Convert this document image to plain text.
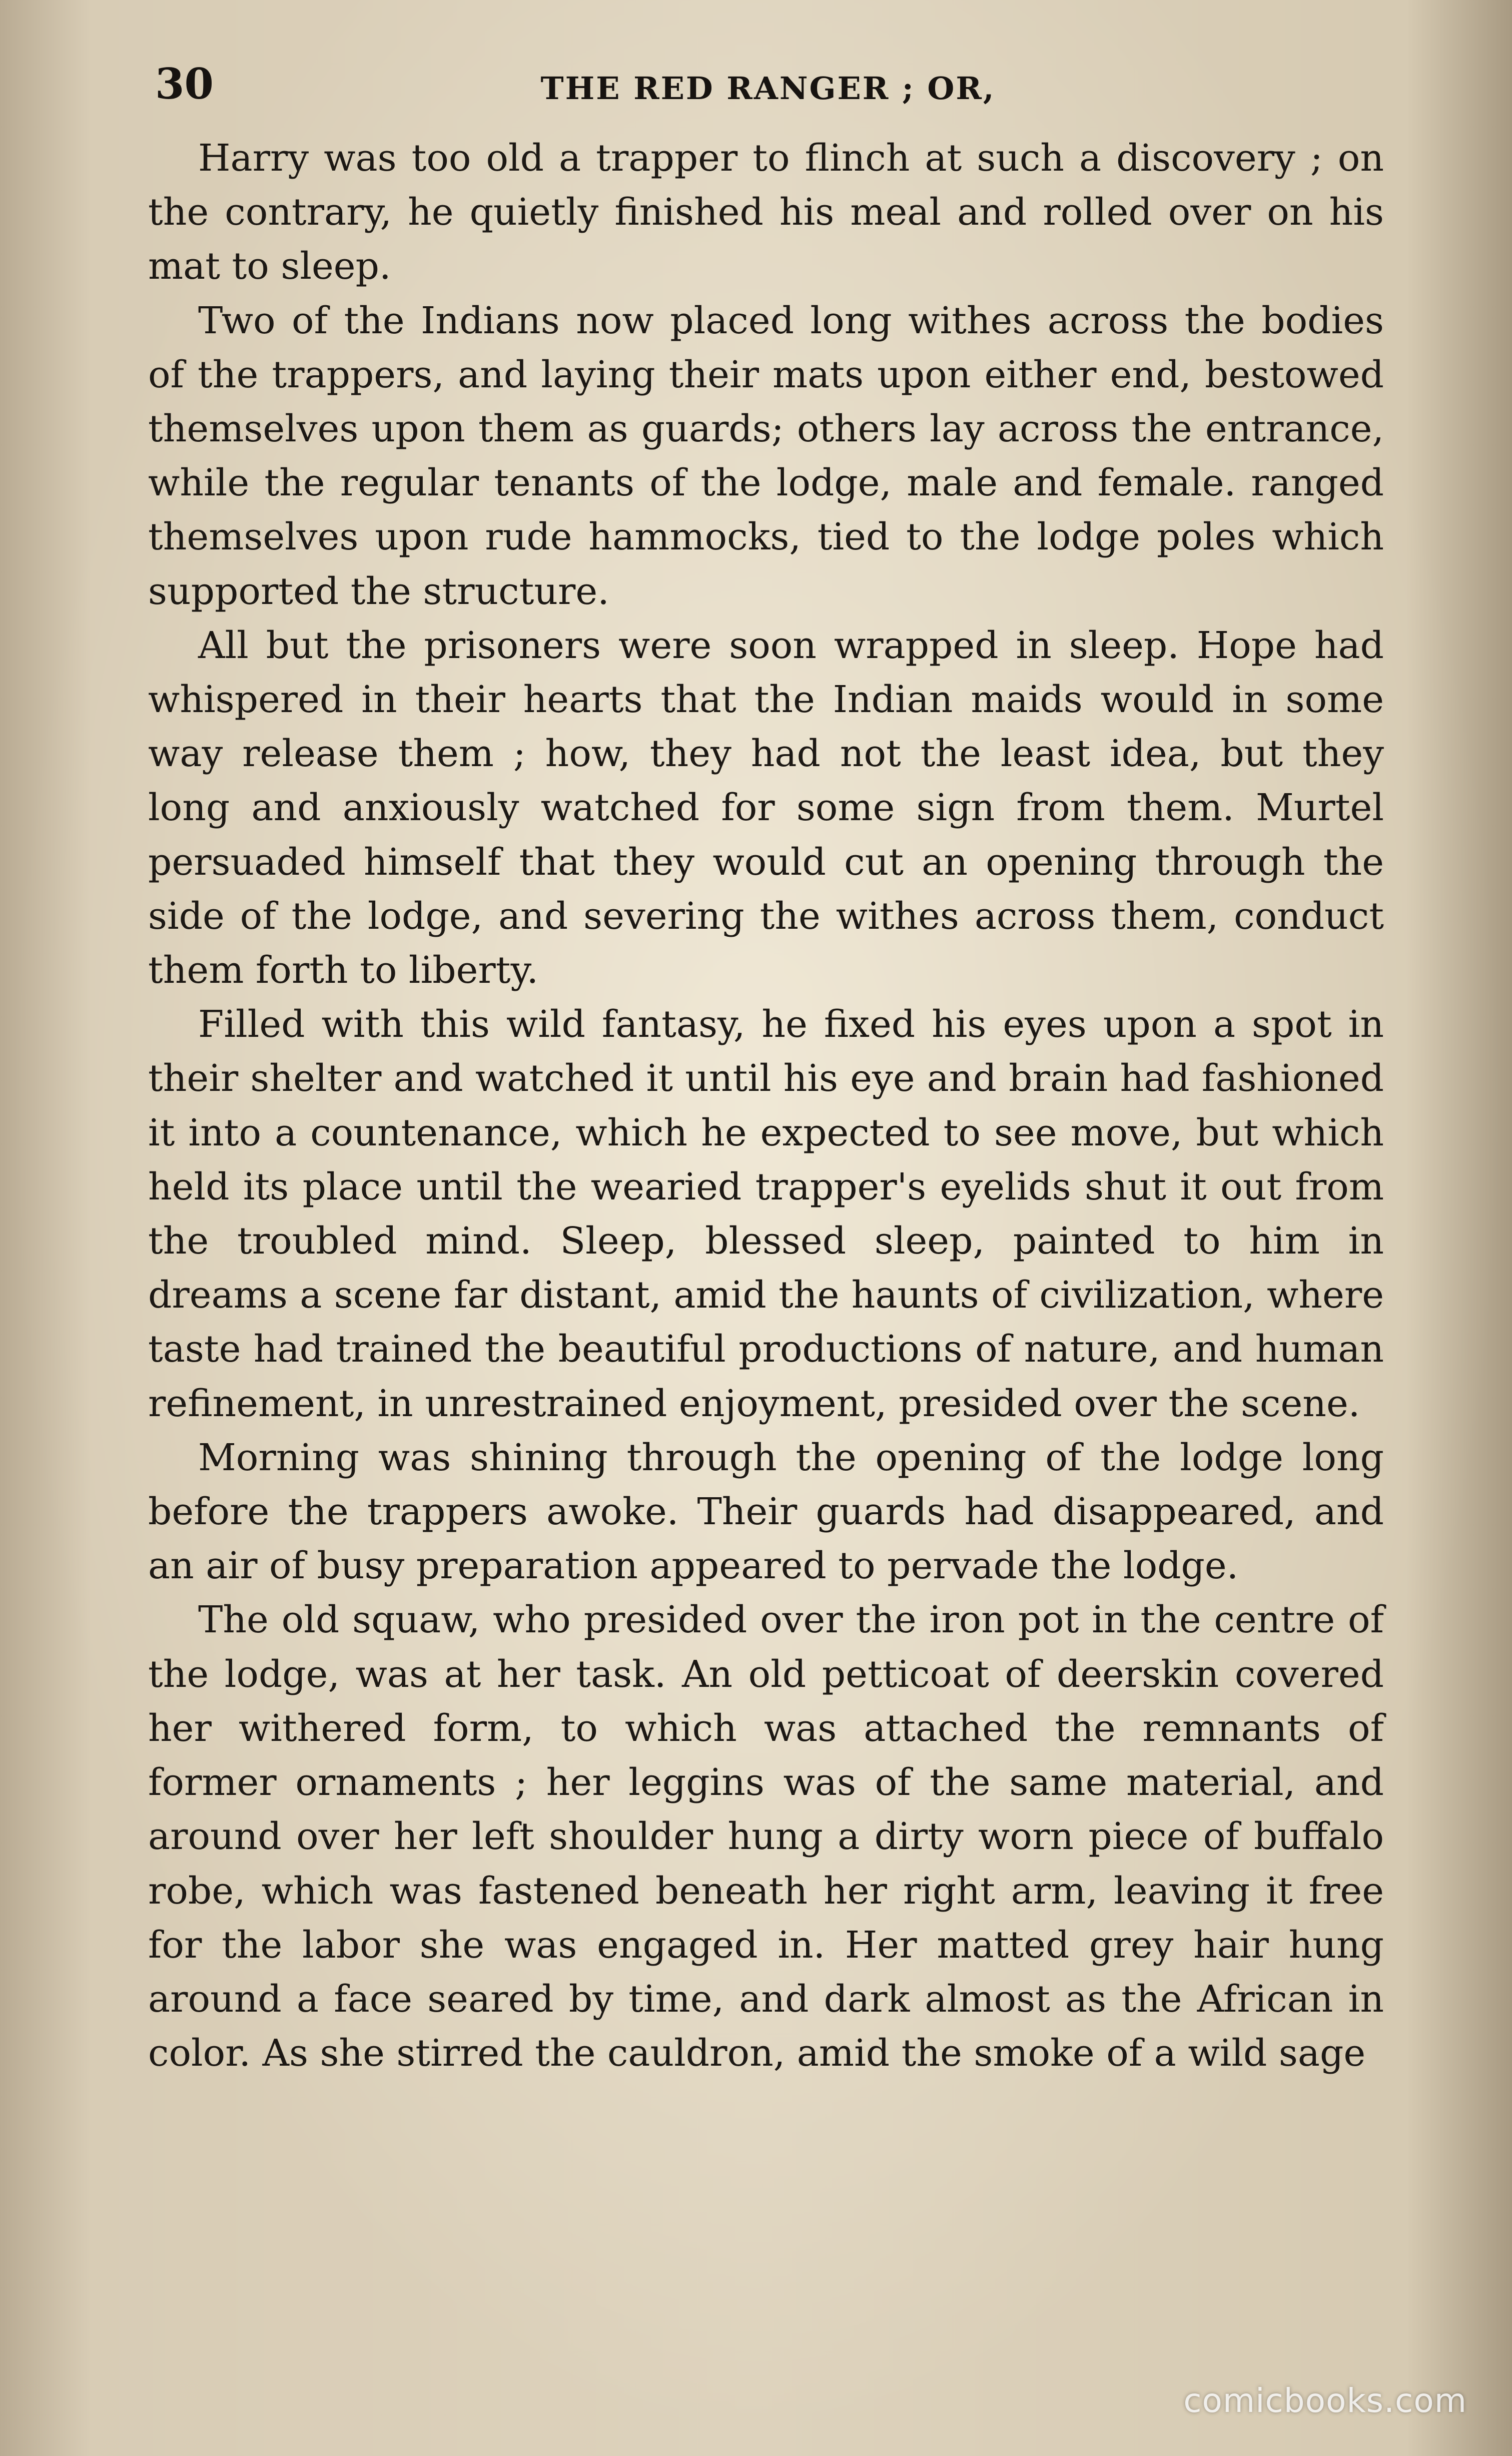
30	THE RED RANGER ; OR,

Harry was too old a trapper to flinch at such a discovery ; on the contrary, he quietly finished his meal and rolled over on his mat to sleep.

Two of the Indians now placed long withes across the bodies of the trappers, and laying their mats upon either end, bestowed themselves upon them as guards; others lay across the entrance, while the regular tenants of the lodge, male and female. ranged themselves upon rude hammocks, tied to the lodge poles which supported the structure.

All but the prisoners were soon wrapped in sleep. Hope had whispered in their hearts that the Indian maids would in some way release them ; how, they had not the least idea, but they long and anxiously watched for some sign from them. Murtel persuaded himself that they would cut an opening through the side of the lodge, and severing the withes across them, conduct them forth to liberty.

Filled with this wild fantasy, he fixed his eyes upon a spot in their shelter and watched it until his eye and brain had fashioned it into a countenance, which he expected to see move, but which held its place until the wearied trapper's eyelids shut it out from the troubled mind. Sleep, blessed sleep, painted to him in dreams a scene far distant, amid the haunts of civilization, where taste had trained the beautiful productions of nature, and human refinement, in unrestrained enjoyment, presided over the scene.

Morning was shining through the opening of the lodge long before the trappers awoke. Their guards had disappeared, and an air of busy preparation appeared to pervade the lodge.

The old squaw, who presided over the iron pot in the centre of the lodge, was at her task. An old petticoat of deerskin covered her withered form, to which was attached the remnants of former ornaments ; her leggins was of the same material, and around over her left shoulder hung a dirty worn piece of buffalo robe, which was fastened beneath her right arm, leaving it free for the labor she was engaged in. Her matted grey hair hung around a face seared by time, and dark almost as the African in color. As she stirred the cauldron, amid the smoke of a wild sage

comicbooks.com
